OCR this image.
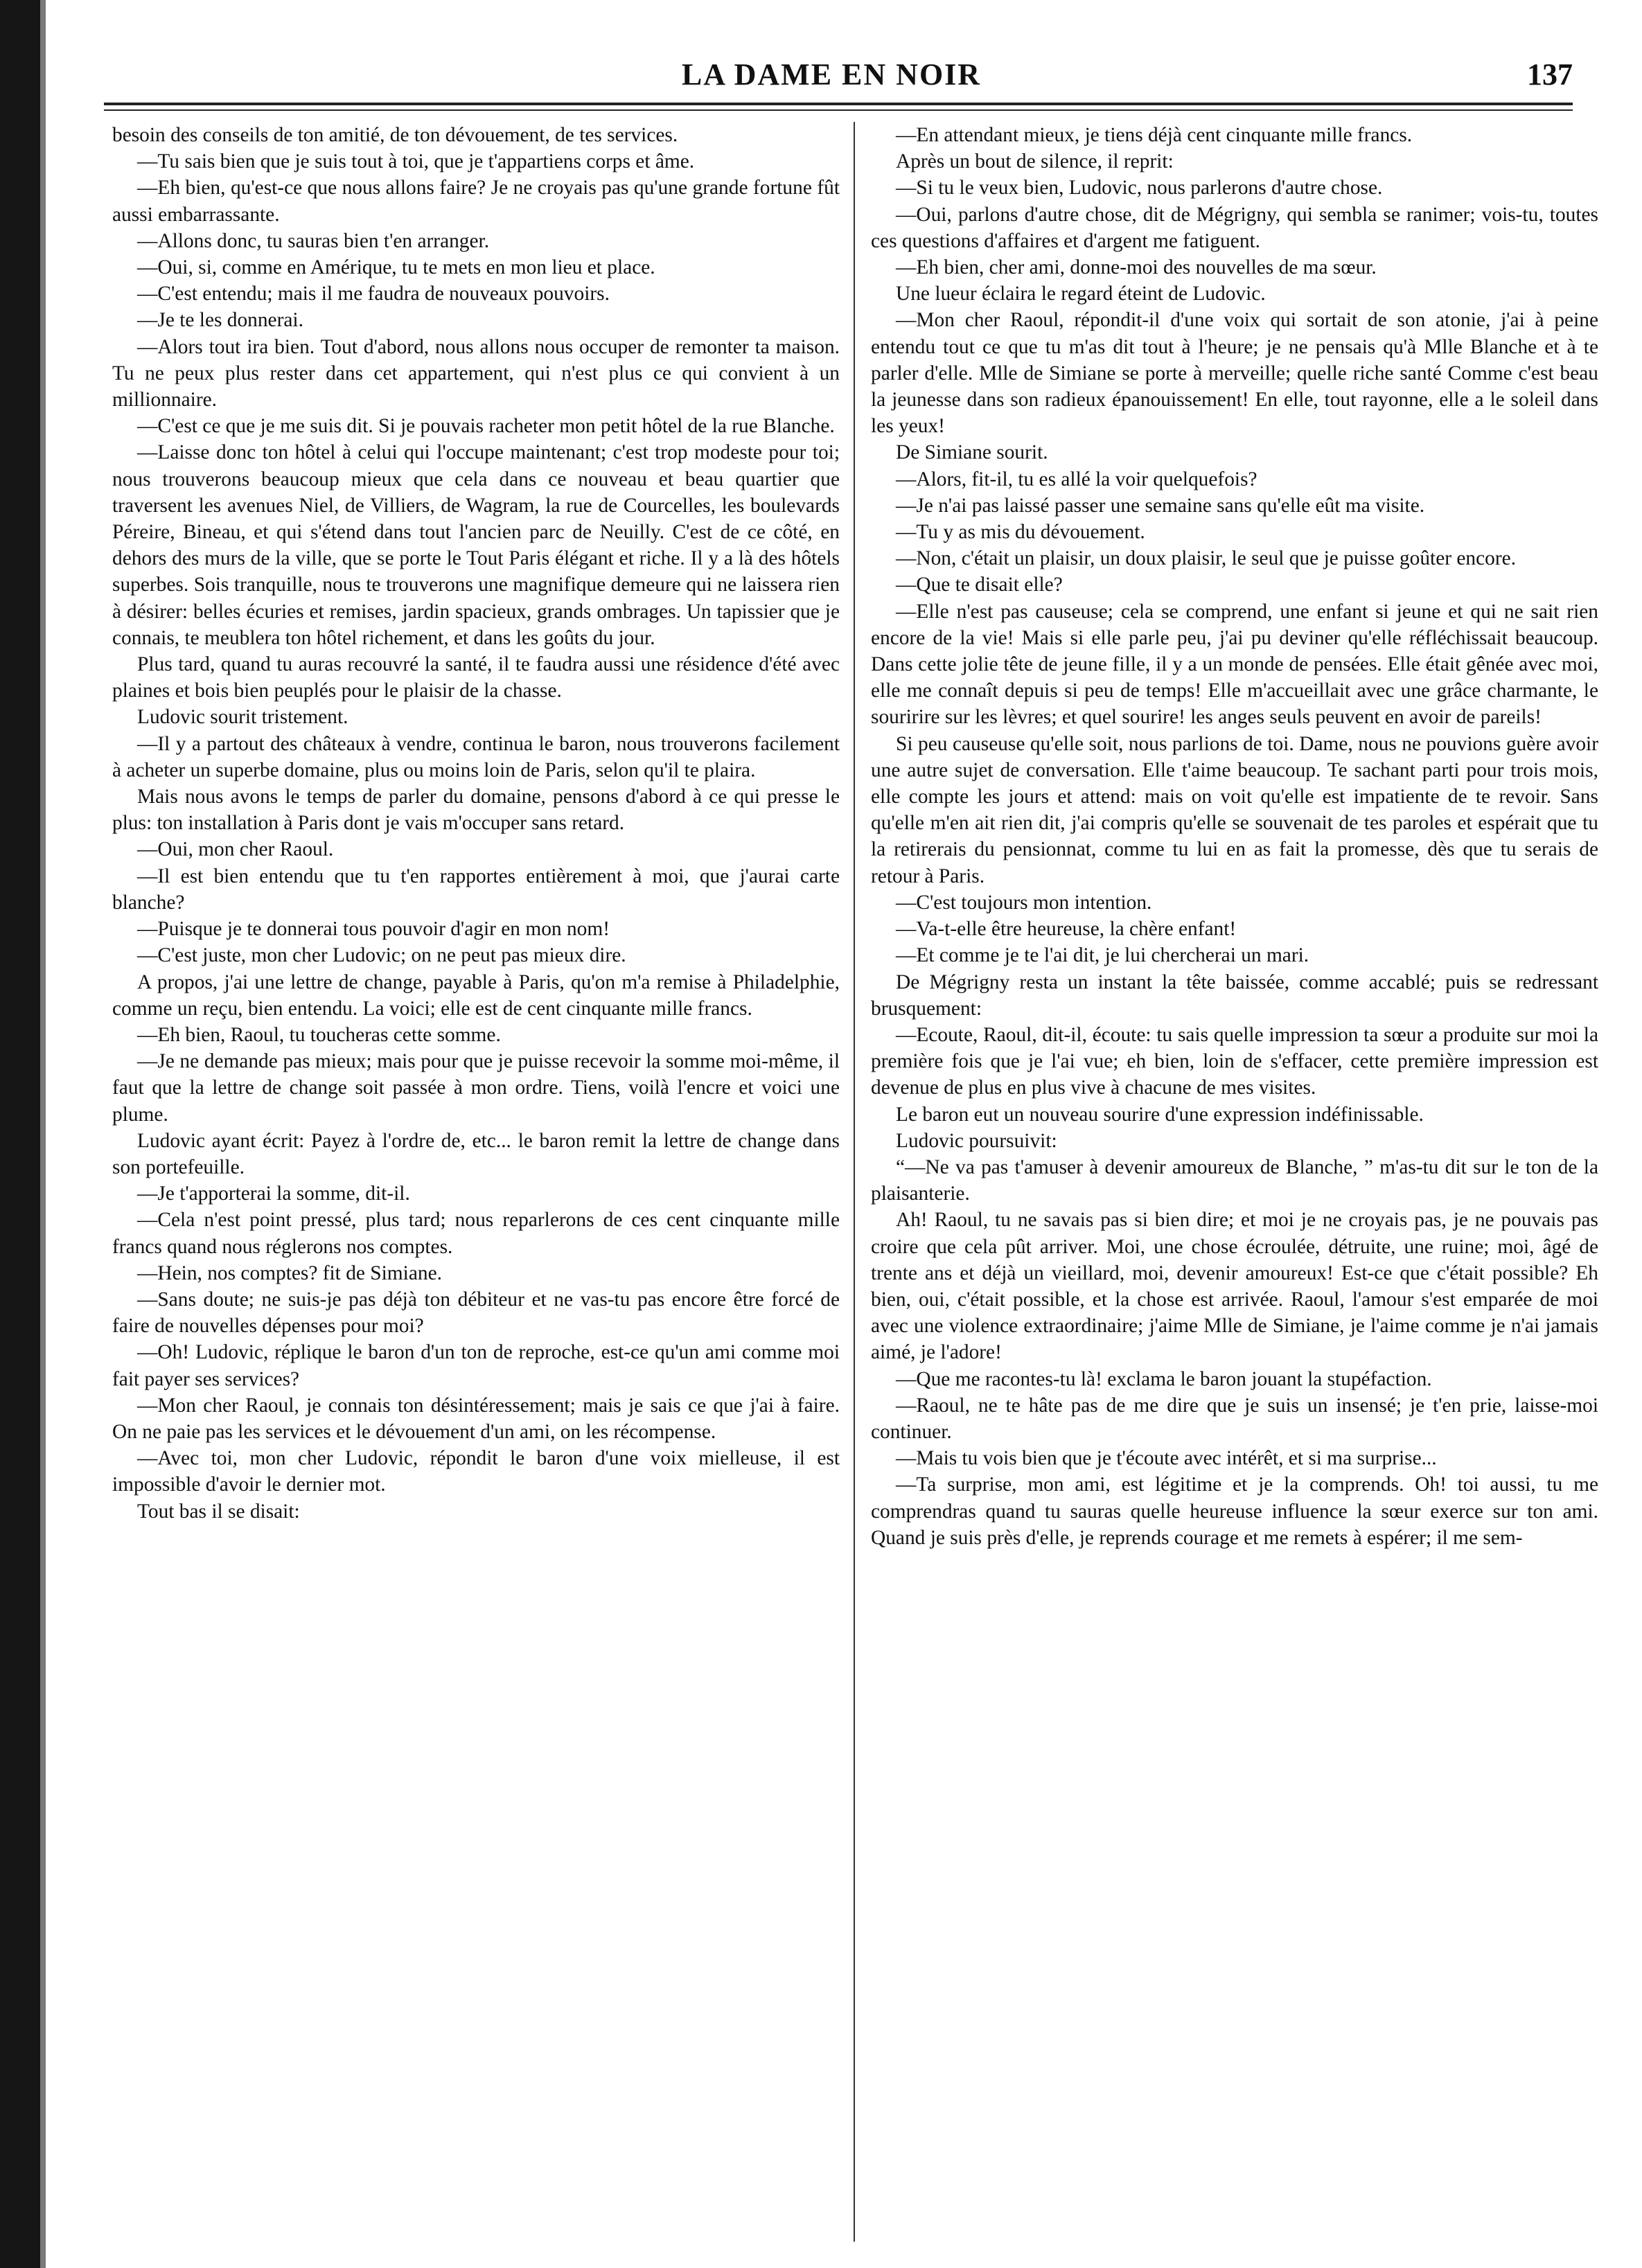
LA DAME EN NOIR	137

besoin des conseils de ton amitié, de ton dévouement, de tes services.

—Tu sais bien que je suis tout à toi, que je t'appartiens corps et âme.

—Eh bien, qu'est-ce que nous allons faire? Je ne croyais pas qu'une grande fortune fût aussi embarrassante.

—Allons donc, tu sauras bien t'en arranger.

—Oui, si, comme en Amérique, tu te mets en mon lieu et place.

—C'est entendu; mais il me faudra de nouveaux pouvoirs.

—Je te les donnerai.

—Alors tout ira bien. Tout d'abord, nous allons nous occuper de remonter ta maison. Tu ne peux plus rester dans cet appartement, qui n'est plus ce qui convient à un millionnaire.

—C'est ce que je me suis dit. Si je pouvais racheter mon petit hôtel de la rue Blanche.

—Laisse donc ton hôtel à celui qui l'occupe maintenant; c'est trop modeste pour toi; nous trouverons beaucoup mieux que cela dans ce nouveau et beau quartier que traversent les avenues Niel, de Villiers, de Wagram, la rue de Courcelles, les boulevards Péreire, Bineau, et qui s'étend dans tout l'ancien parc de Neuilly. C'est de ce côté, en dehors des murs de la ville, que se porte le Tout Paris élégant et riche. Il y a là des hôtels superbes. Sois tranquille, nous te trouverons une magnifique demeure qui ne laissera rien à désirer: belles écuries et remises, jardin spacieux, grands ombrages. Un tapissier que je connais, te meublera ton hôtel richement, et dans les goûts du jour.

Plus tard, quand tu auras recouvré la santé, il te faudra aussi une résidence d'été avec plaines et bois bien peuplés pour le plaisir de la chasse.

Ludovic sourit tristement.

—Il y a partout des châteaux à vendre, continua le baron, nous trouverons facilement à acheter un superbe domaine, plus ou moins loin de Paris, selon qu'il te plaira.

Mais nous avons le temps de parler du domaine, pensons d'abord à ce qui presse le plus: ton installation à Paris dont je vais m'occuper sans retard.

—Oui, mon cher Raoul.

—Il est bien entendu que tu t'en rapportes entièrement à moi, que j'aurai carte blanche?

—Puisque je te donnerai tous pouvoir d'agir en mon nom!

—C'est juste, mon cher Ludovic; on ne peut pas mieux dire.

A propos, j'ai une lettre de change, payable à Paris, qu'on m'a remise à Philadelphie, comme un reçu, bien entendu. La voici; elle est de cent cinquante mille francs.

—Eh bien, Raoul, tu toucheras cette somme.

—Je ne demande pas mieux; mais pour que je puisse recevoir la somme moi-même, il faut que la lettre de change soit passée à mon ordre. Tiens, voilà l'encre et voici une plume.

Ludovic ayant écrit: Payez à l'ordre de, etc... le baron remit la lettre de change dans son portefeuille.

—Je t'apporterai la somme, dit-il.

—Cela n'est point pressé, plus tard; nous reparlerons de ces cent cinquante mille francs quand nous réglerons nos comptes.

—Hein, nos comptes? fit de Simiane.

—Sans doute; ne suis-je pas déjà ton débiteur et ne vas-tu pas encore être forcé de faire de nouvelles dépenses pour moi?

—Oh! Ludovic, réplique le baron d'un ton de reproche, est-ce qu'un ami comme moi fait payer ses services?

—Mon cher Raoul, je connais ton désintéressement; mais je sais ce que j'ai à faire. On ne paie pas les services et le dévouement d'un ami, on les récompense.

—Avec toi, mon cher Ludovic, répondit le baron d'une voix mielleuse, il est impossible d'avoir le dernier mot.

Tout bas il se disait:

—En attendant mieux, je tiens déjà cent cinquante mille francs.

Après un bout de silence, il reprit:

—Si tu le veux bien, Ludovic, nous parlerons d'autre chose.

—Oui, parlons d'autre chose, dit de Mégrigny, qui sembla se ranimer; vois-tu, toutes ces questions d'affaires et d'argent me fatiguent.

—Eh bien, cher ami, donne-moi des nouvelles de ma sœur.

Une lueur éclaira le regard éteint de Ludovic.

—Mon cher Raoul, répondit-il d'une voix qui sortait de son atonie, j'ai à peine entendu tout ce que tu m'as dit tout à l'heure; je ne pensais qu'à Mlle Blanche et à te parler d'elle. Mlle de Simiane se porte à merveille; quelle riche santé Comme c'est beau la jeunesse dans son radieux épanouissement! En elle, tout rayonne, elle a le soleil dans les yeux!

De Simiane sourit.

—Alors, fit-il, tu es allé la voir quelquefois?

—Je n'ai pas laissé passer une semaine sans qu'elle eût ma visite.

—Tu y as mis du dévouement.

—Non, c'était un plaisir, un doux plaisir, le seul que je puisse goûter encore.

—Que te disait elle?

—Elle n'est pas causeuse; cela se comprend, une enfant si jeune et qui ne sait rien encore de la vie! Mais si elle parle peu, j'ai pu deviner qu'elle réfléchissait beaucoup. Dans cette jolie tête de jeune fille, il y a un monde de pensées. Elle était gênée avec moi, elle me connaît depuis si peu de temps! Elle m'accueillait avec une grâce charmante, le souririre sur les lèvres; et quel sourire! les anges seuls peuvent en avoir de pareils!

Si peu causeuse qu'elle soit, nous parlions de toi. Dame, nous ne pouvions guère avoir une autre sujet de conversation. Elle t'aime beaucoup. Te sachant parti pour trois mois, elle compte les jours et attend: mais on voit qu'elle est impatiente de te revoir. Sans qu'elle m'en ait rien dit, j'ai compris qu'elle se souvenait de tes paroles et espérait que tu la retirerais du pensionnat, comme tu lui en as fait la promesse, dès que tu serais de retour à Paris.

—C'est toujours mon intention.

—Va-t-elle être heureuse, la chère enfant!

—Et comme je te l'ai dit, je lui chercherai un mari.

De Mégrigny resta un instant la tête baissée, comme accablé; puis se redressant brusquement:

—Ecoute, Raoul, dit-il, écoute: tu sais quelle impression ta sœur a produite sur moi la première fois que je l'ai vue; eh bien, loin de s'effacer, cette première impression est devenue de plus en plus vive à chacune de mes visites.

Le baron eut un nouveau sourire d'une expression indéfinissable.

Ludovic poursuivit:

“—Ne va pas t'amuser à devenir amoureux de Blanche, ” m'as-tu dit sur le ton de la plaisanterie.

Ah! Raoul, tu ne savais pas si bien dire; et moi je ne croyais pas, je ne pouvais pas croire que cela pût arriver. Moi, une chose écroulée, détruite, une ruine; moi, âgé de trente ans et déjà un vieillard, moi, devenir amoureux! Est-ce que c'était possible? Eh bien, oui, c'était possible, et la chose est arrivée. Raoul, l'amour s'est emparée de moi avec une violence extraordinaire; j'aime Mlle de Simiane, je l'aime comme je n'ai jamais aimé, je l'adore!

—Que me racontes-tu là! exclama le baron jouant la stupéfaction.

—Raoul, ne te hâte pas de me dire que je suis un insensé; je t'en prie, laisse-moi continuer.

—Mais tu vois bien que je t'écoute avec intérêt, et si ma surprise...

—Ta surprise, mon ami, est légitime et je la comprends. Oh! toi aussi, tu me comprendras quand tu sauras quelle heureuse influence la sœur exerce sur ton ami. Quand je suis près d'elle, je reprends courage et me remets à espérer; il me sem-
